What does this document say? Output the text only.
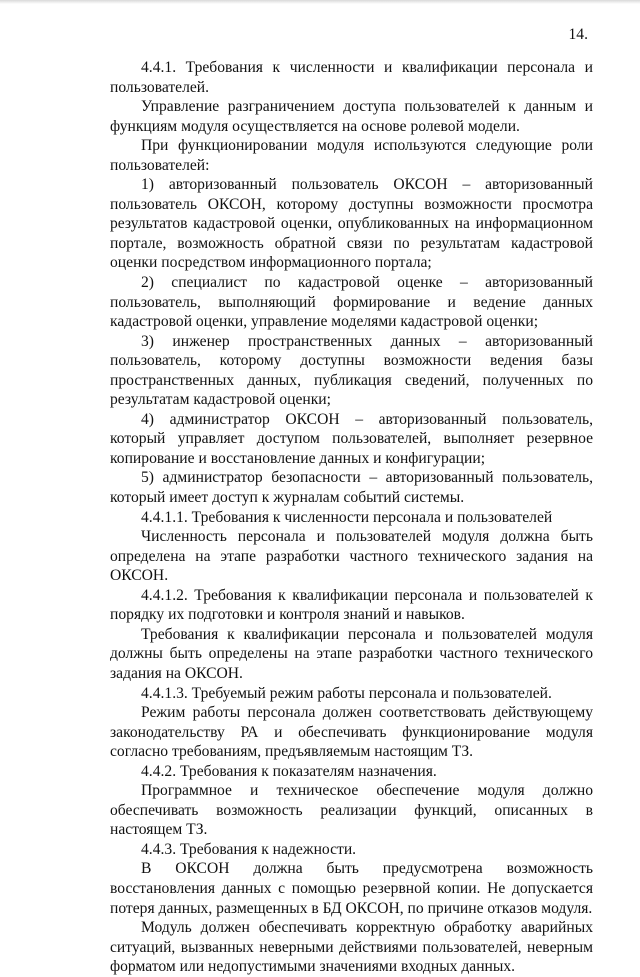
14.

4.4.1. Требования к численности и квалификации персонала и пользователей.

Управление разграничением доступа пользователей к данным и функциям модуля осуществляется на основе ролевой модели.

При функционировании модуля используются следующие роли пользователей:

1) авторизованный пользователь ОКСОН – авторизованный пользователь ОКСОН, которому доступны возможности просмотра результатов кадастровой оценки, опубликованных на информационном портале, возможность обратной связи по результатам кадастровой оценки посредством информационного портала;

2) специалист по кадастровой оценке – авторизованный пользователь, выполняющий формирование и ведение данных кадастровой оценки, управление моделями кадастровой оценки;

3) инженер пространственных данных – авторизованный пользователь, которому доступны возможности ведения базы пространственных данных, публикация сведений, полученных по результатам кадастровой оценки;

4) администратор ОКСОН – авторизованный пользователь, который управляет доступом пользователей, выполняет резервное копирование и восстановление данных и конфигурации;

5) администратор безопасности – авторизованный пользователь, который имеет доступ к журналам событий системы.

4.4.1.1. Требования к численности персонала и пользователей

Численность персонала и пользователей модуля должна быть определена на этапе разработки частного технического задания на ОКСОН.

4.4.1.2. Требования к квалификации персонала и пользователей к порядку их подготовки и контроля знаний и навыков.

Требования к квалификации персонала и пользователей модуля должны быть определены на этапе разработки частного технического задания на ОКСОН.

4.4.1.3. Требуемый режим работы персонала и пользователей.

Режим работы персонала должен соответствовать действующему законодательству РА и обеспечивать функционирование модуля согласно требованиям, предъявляемым настоящим ТЗ.

4.4.2. Требования к показателям назначения.

Программное и техническое обеспечение модуля должно обеспечивать возможность реализации функций, описанных в настоящем ТЗ.

4.4.3. Требования к надежности.

В ОКСОН должна быть предусмотрена возможность восстановления данных с помощью резервной копии. Не допускается потеря данных, размещенных в БД ОКСОН, по причине отказов модуля.

Модуль должен обеспечивать корректную обработку аварийных ситуаций, вызванных неверными действиями пользователей, неверным форматом или недопустимыми значениями входных данных.
